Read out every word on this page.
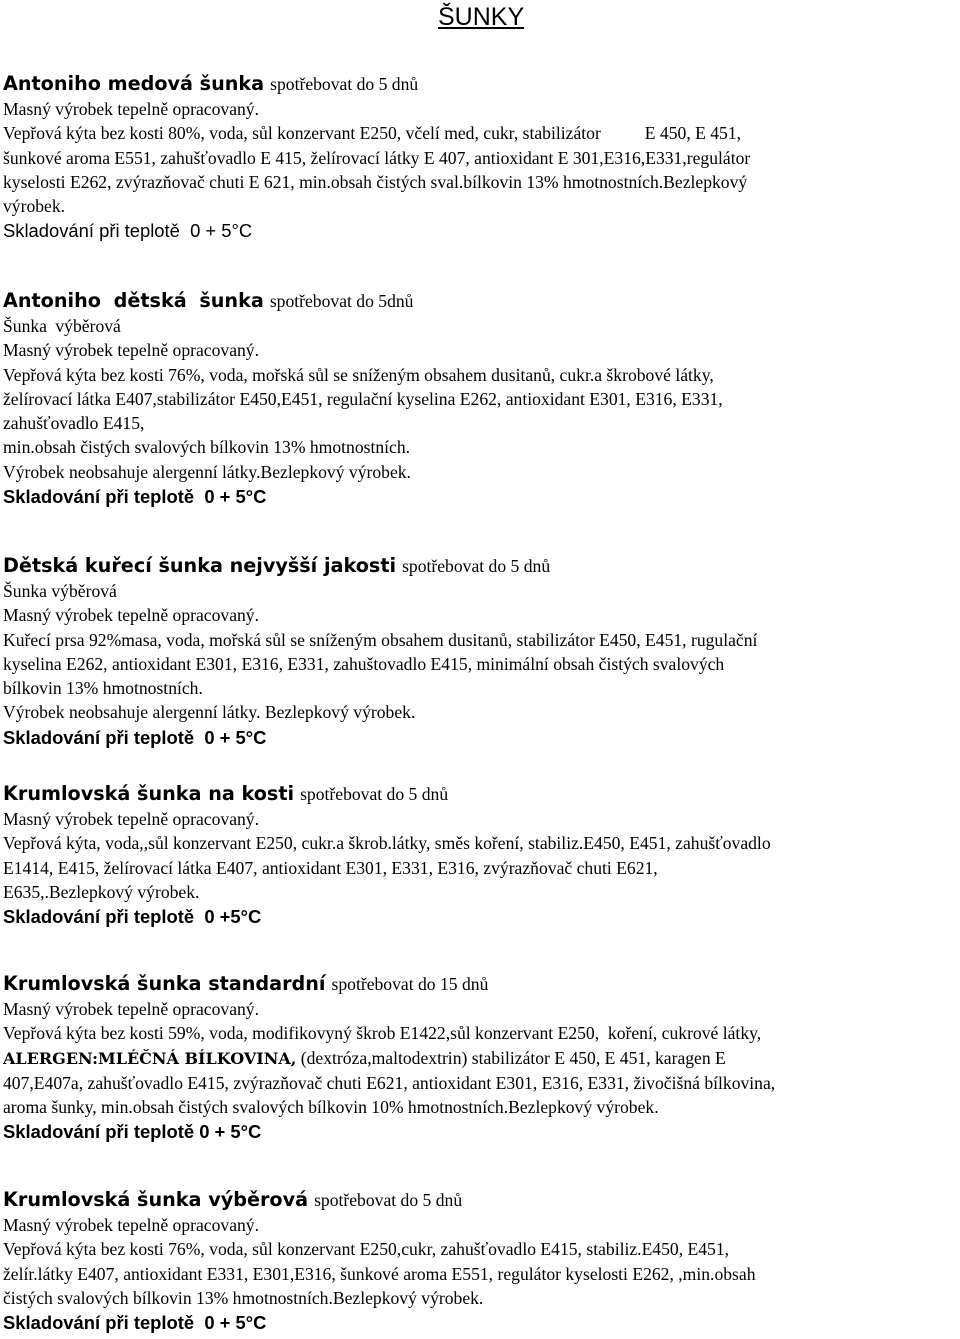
ŠUNKY
Antoniho medová šunka spotřebovat do 5 dnů
Masný výrobek tepelně opracovaný.
Vepřová kýta bez kosti 80%, voda, sůl konzervant E250, včelí med, cukr, stabilizátor          E 450, E 451,
šunkové aroma E551, zahušťovadlo E 415, želírovací látky E 407, antioxidant E 301,E316,E331,regulátor
kyselosti E262, zvýrazňovač chuti E 621, min.obsah čistých sval.bílkovin 13% hmotnostních.Bezlepkový
výrobek.
Skladování při teplotě  0 + 5°C
Antoniho dětská šunka spotřebovat do 5dnů
Šunka výběrová
Masný výrobek tepelně opracovaný.
Vepřová kýta bez kosti 76%, voda, mořská sůl se sníženým obsahem dusitanů, cukr.a škrobové látky,
želírovací látka E407,stabilizátor E450,E451, regulační kyselina E262, antioxidant E301, E316, E331,
zahušťovadlo E415,
min.obsah čistých svalových bílkovin 13% hmotnostních.
Výrobek neobsahuje alergenní látky.Bezlepkový výrobek.
Skladování při teplotě  0 + 5°C
Dětská kuřecí šunka nejvyšší jakosti spotřebovat do 5 dnů
Šunka výběrová
Masný výrobek tepelně opracovaný.
Kuřecí prsa 92%masa, voda, mořská sůl se sníženým obsahem dusitanů, stabilizátor E450, E451, rugulační
kyselina E262, antioxidant E301, E316, E331, zahuštovadlo E415, minimální obsah čistých svalových
bílkovin 13% hmotnostních.
Výrobek neobsahuje alergenní látky. Bezlepkový výrobek.
Skladování při teplotě  0 + 5°C
Krumlovská šunka na kosti spotřebovat do 5 dnů
Masný výrobek tepelně opracovaný.
Vepřová kýta, voda,,sůl konzervant E250, cukr.a škrob.látky, směs koření, stabiliz.E450, E451, zahušťovadlo
E1414, E415, želírovací látka E407, antioxidant E301, E331, E316, zvýrazňovač chuti E621,
E635,.Bezlepkový výrobek.
Skladování při teplotě  0 +5°C
Krumlovská šunka standardní spotřebovat do 15 dnů
Masný výrobek tepelně opracovaný.
Vepřová kýta bez kosti 59%, voda, modifikovyný škrob E1422,sůl konzervant E250,  koření, cukrové látky,
ALERGEN:MLÉČNÁ BÍLKOVINA, (dextróza,maltodextrin) stabilizátor E 450, E 451, karagen E
407,E407a, zahušťovadlo E415, zvýrazňovač chuti E621, antioxidant E301, E316, E331, živočišná bílkovina,
aroma šunky, min.obsah čistých svalových bílkovin 10% hmotnostních.Bezlepkový výrobek.
Skladování při teplotě 0 + 5°C
Krumlovská šunka výběrová spotřebovat do 5 dnů
Masný výrobek tepelně opracovaný.
Vepřová kýta bez kosti 76%, voda, sůl konzervant E250,cukr, zahušťovadlo E415, stabiliz.E450, E451,
želír.látky E407, antioxidant E331, E301,E316, šunkové aroma E551, regulátor kyselosti E262, ,min.obsah
čistých svalových bílkovin 13% hmotnostních.Bezlepkový výrobek.
Skladování při teplotě  0 + 5°C
